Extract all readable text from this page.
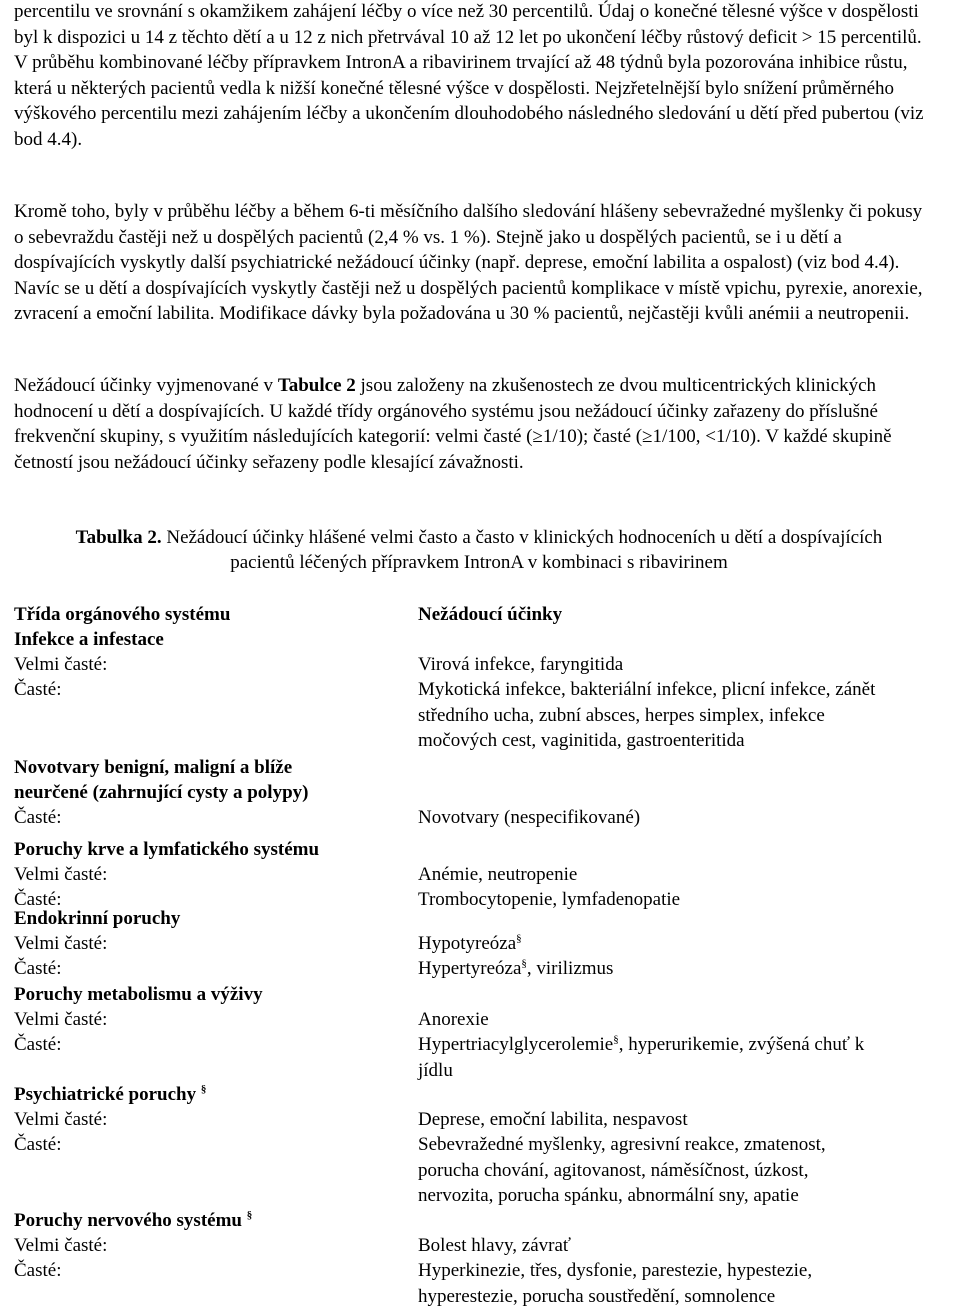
percentilu ve srovnání s okamžikem zahájení léčby o více než 30 percentilů. Údaj o konečné tělesné výšce v dospělosti byl k dispozici u 14 z těchto dětí a u 12 z nich přetrvával 10 až 12 let po ukončení léčby růstový deficit > 15 percentilů. V průběhu kombinované léčby přípravkem IntronA a ribavirinem trvající až 48 týdnů byla pozorována inhibice růstu, která u některých pacientů vedla k nižší konečné tělesné výšce v dospělosti. Nejzřetelnější bylo snížení průměrného výškového percentilu mezi zahájením léčby a ukončením dlouhodobého následného sledování u dětí před pubertou (viz bod 4.4).

Kromě toho, byly v průběhu léčby a během 6-ti měsíčního dalšího sledování hlášeny sebevražedné myšlenky či pokusy o sebevraždu častěji než u dospělých pacientů (2,4 % vs. 1 %). Stejně jako u dospělých pacientů, se i u dětí a dospívajících vyskytly další psychiatrické nežádoucí účinky (např. deprese, emoční labilita a ospalost) (viz bod 4.4). Navíc se u dětí a dospívajících vyskytly častěji než u dospělých pacientů komplikace v místě vpichu, pyrexie, anorexie, zvracení a emoční labilita. Modifikace dávky byla požadována u 30 % pacientů, nejčastěji kvůli anémii a neutropenii.

Nežádoucí účinky vyjmenované v Tabulce 2 jsou založeny na zkušenostech ze dvou multicentrických klinických hodnocení u dětí a dospívajících. U každé třídy orgánového systému jsou nežádoucí účinky zařazeny do příslušné frekvenční skupiny, s využitím následujících kategorií: velmi časté (≥1/10); časté (≥1/100, <1/10). V každé skupině četností jsou nežádoucí účinky seřazeny podle klesající závažnosti.

Tabulka 2. Nežádoucí účinky hlášené velmi často a často v klinických hodnoceních u dětí a dospívajících
pacientů léčených přípravkem IntronA v kombinaci s ribavirinem
Třída orgánového systému	Nežádoucí účinky
Infekce a infestace
Velmi časté:	Virová infekce, faryngitida
Časté:	Mykotická infekce, bakteriální infekce, plicní infekce, zánět
středního ucha, zubní absces, herpes simplex, infekce
močových cest, vaginitida, gastroenteritida
Novotvary benigní, maligní a blíže
neurčené (zahrnující cysty a polypy)
Časté:	Novotvary (nespecifikované)
Poruchy krve a lymfatického systému
Velmi časté:	Anémie, neutropenie
Časté:	Trombocytopenie, lymfadenopatie
Endokrinní poruchy
Velmi časté:	Hypotyreóza§
Časté:	Hypertyreóza§, virilizmus
Poruchy metabolismu a výživy
Velmi časté:	Anorexie
Časté:	Hypertriacylglycerolemie§, hyperurikemie, zvýšená chuť k
jídlu
Psychiatrické poruchy §
Velmi časté:	Deprese, emoční labilita, nespavost
Časté:	Sebevražedné myšlenky, agresivní reakce, zmatenost,
porucha chování, agitovanost, náměsíčnost, úzkost,
nervozita, porucha spánku, abnormální sny, apatie
Poruchy nervového systému §
Velmi časté:	Bolest hlavy, závrať
Časté:	Hyperkinezie, třes, dysfonie, parestezie, hypestezie,
hyperestezie, porucha soustředění, somnolence
